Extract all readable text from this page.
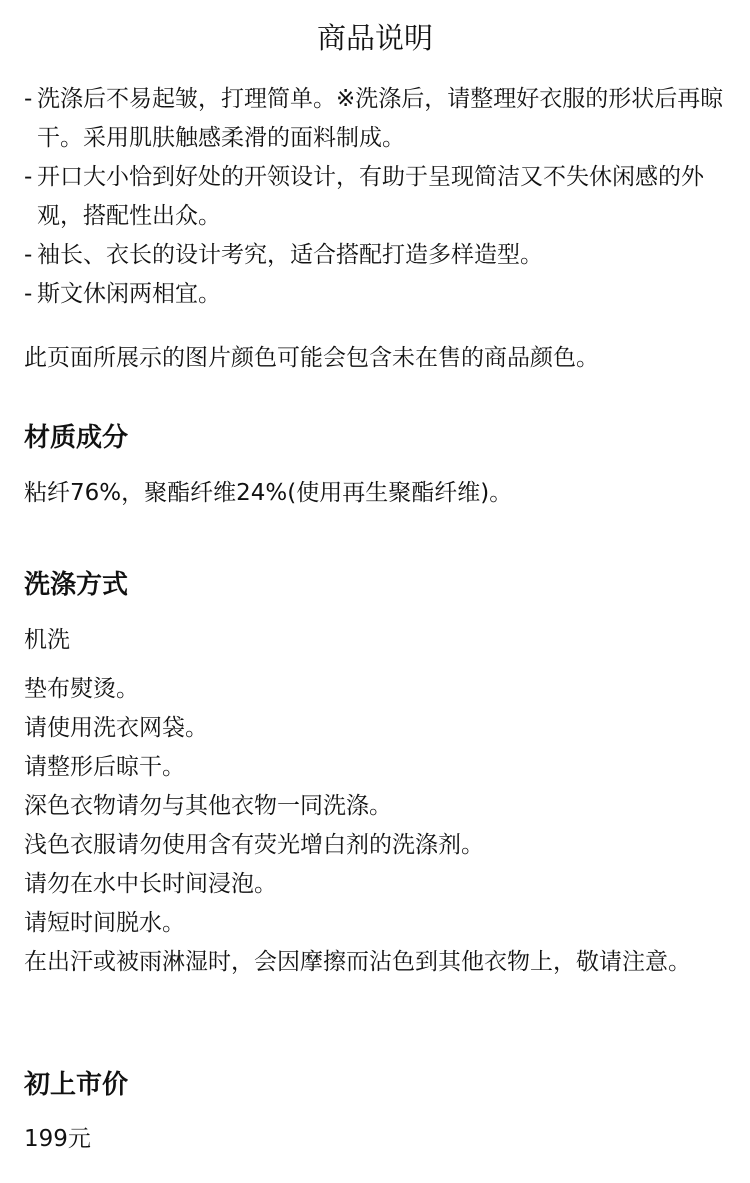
商品说明
- 洗涤后不易起皱，打理简单。※洗涤后，请整理好衣服的形状后再晾干。采用肌肤触感柔滑的面料制成。
- 开口大小恰到好处的开领设计，有助于呈现简洁又不失休闲感的外观，搭配性出众。
- 袖长、衣长的设计考究，适合搭配打造多样造型。
- 斯文休闲两相宜。
此页面所展示的图片颜色可能会包含未在售的商品颜色。
材质成分
粘纤76%，聚酯纤维24%(使用再生聚酯纤维)。
洗涤方式
机洗
垫布熨烫。
请使用洗衣网袋。
请整形后晾干。
深色衣物请勿与其他衣物一同洗涤。
浅色衣服请勿使用含有荧光增白剂的洗涤剂。
请勿在水中长时间浸泡。
请短时间脱水。
在出汗或被雨淋湿时，会因摩擦而沾色到其他衣物上，敬请注意。
初上市价
199元
